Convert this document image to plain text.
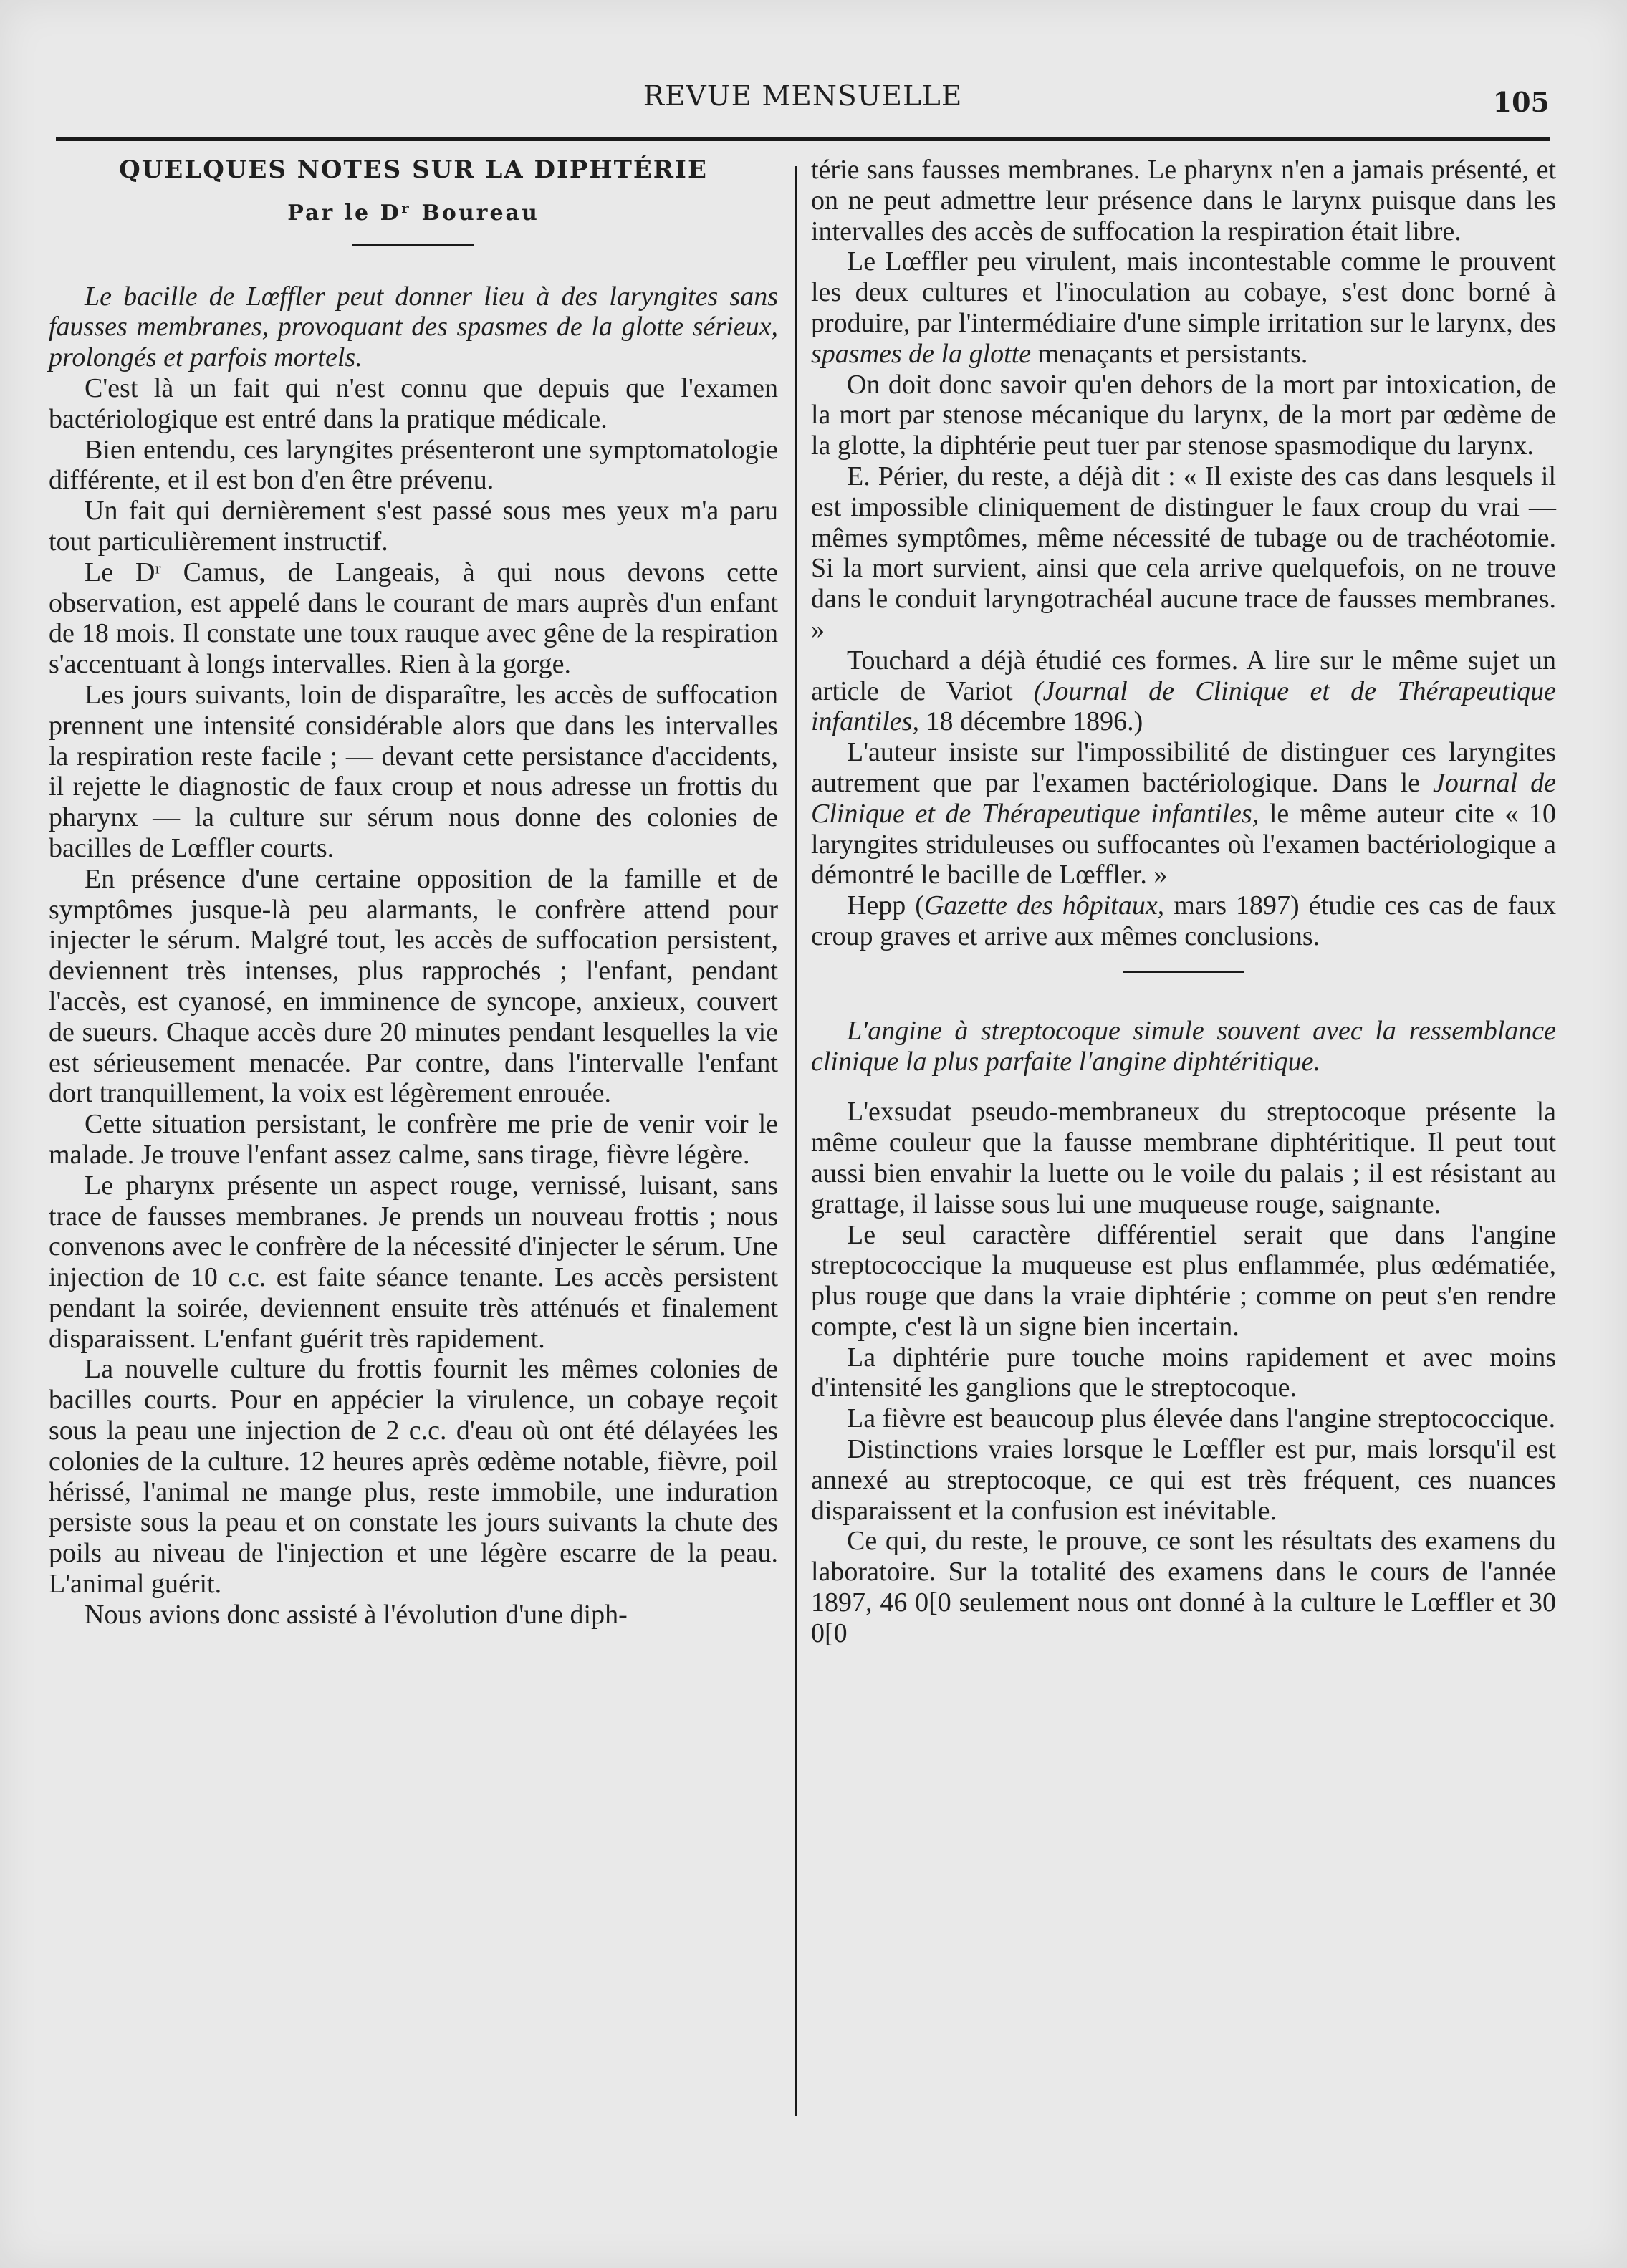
REVUE MENSUELLE	105
QUELQUES NOTES SUR LA DIPHTÉRIE
Par le Dʳ Boureau

Le bacille de Lœffler peut donner lieu à des laryngites sans fausses membranes, provoquant des spasmes de la glotte sérieux, prolongés et parfois mortels.

C'est là un fait qui n'est connu que depuis que l'examen bactériologique est entré dans la pratique médicale.

Bien entendu, ces laryngites présenteront une symptomatologie différente, et il est bon d'en être prévenu.

Un fait qui dernièrement s'est passé sous mes yeux m'a paru tout particulièrement instructif.

Le Dʳ Camus, de Langeais, à qui nous devons cette observation, est appelé dans le courant de mars auprès d'un enfant de 18 mois. Il constate une toux rauque avec gêne de la respiration s'accentuant à longs intervalles. Rien à la gorge.

Les jours suivants, loin de disparaître, les accès de suffocation prennent une intensité considérable alors que dans les intervalles la respiration reste facile ; — devant cette persistance d'accidents, il rejette le diagnostic de faux croup et nous adresse un frottis du pharynx — la culture sur sérum nous donne des colonies de bacilles de Lœffler courts.

En présence d'une certaine opposition de la famille et de symptômes jusque-là peu alarmants, le confrère attend pour injecter le sérum. Malgré tout, les accès de suffocation persistent, deviennent très intenses, plus rapprochés ; l'enfant, pendant l'accès, est cyanosé, en imminence de syncope, anxieux, couvert de sueurs. Chaque accès dure 20 minutes pendant lesquelles la vie est sérieusement menacée. Par contre, dans l'intervalle l'enfant dort tranquillement, la voix est légèrement enrouée.

Cette situation persistant, le confrère me prie de venir voir le malade. Je trouve l'enfant assez calme, sans tirage, fièvre légère.

Le pharynx présente un aspect rouge, vernissé, luisant, sans trace de fausses membranes. Je prends un nouveau frottis ; nous convenons avec le confrère de la nécessité d'injecter le sérum. Une injection de 10 c.c. est faite séance tenante. Les accès persistent pendant la soirée, deviennent ensuite très atténués et finalement disparaissent. L'enfant guérit très rapidement.

La nouvelle culture du frottis fournit les mêmes colonies de bacilles courts. Pour en appécier la virulence, un cobaye reçoit sous la peau une injection de 2 c.c. d'eau où ont été délayées les colonies de la culture. 12 heures après œdème notable, fièvre, poil hérissé, l'animal ne mange plus, reste immobile, une induration persiste sous la peau et on constate les jours suivants la chute des poils au niveau de l'injection et une légère escarre de la peau. L'animal guérit.

Nous avions donc assisté à l'évolution d'une diph-

térie sans fausses membranes. Le pharynx n'en a jamais présenté, et on ne peut admettre leur présence dans le larynx puisque dans les intervalles des accès de suffocation la respiration était libre.

Le Lœffler peu virulent, mais incontestable comme le prouvent les deux cultures et l'inoculation au cobaye, s'est donc borné à produire, par l'intermédiaire d'une simple irritation sur le larynx, des spasmes de la glotte menaçants et persistants.

On doit donc savoir qu'en dehors de la mort par intoxication, de la mort par stenose mécanique du larynx, de la mort par œdème de la glotte, la diphtérie peut tuer par stenose spasmodique du larynx.

E. Périer, du reste, a déjà dit : « Il existe des cas dans lesquels il est impossible cliniquement de distinguer le faux croup du vrai — mêmes symptômes, même nécessité de tubage ou de trachéotomie. Si la mort survient, ainsi que cela arrive quelquefois, on ne trouve dans le conduit laryngotrachéal aucune trace de fausses membranes. »

Touchard a déjà étudié ces formes. A lire sur le même sujet un article de Variot (Journal de Clinique et de Thérapeutique infantiles, 18 décembre 1896.)

L'auteur insiste sur l'impossibilité de distinguer ces laryngites autrement que par l'examen bactériologique. Dans le Journal de Clinique et de Thérapeutique infantiles, le même auteur cite « 10 laryngites striduleuses ou suffocantes où l'examen bactériologique a démontré le bacille de Lœffler. »

Hepp (Gazette des hôpitaux, mars 1897) étudie ces cas de faux croup graves et arrive aux mêmes conclusions.

L'angine à streptocoque simule souvent avec la ressemblance clinique la plus parfaite l'angine diphtéritique.

L'exsudat pseudo-membraneux du streptocoque présente la même couleur que la fausse membrane diphtéritique. Il peut tout aussi bien envahir la luette ou le voile du palais ; il est résistant au grattage, il laisse sous lui une muqueuse rouge, saignante.

Le seul caractère différentiel serait que dans l'angine streptococcique la muqueuse est plus enflammée, plus œdématiée, plus rouge que dans la vraie diphtérie ; comme on peut s'en rendre compte, c'est là un signe bien incertain.

La diphtérie pure touche moins rapidement et avec moins d'intensité les ganglions que le streptocoque.

La fièvre est beaucoup plus élevée dans l'angine streptococcique.

Distinctions vraies lorsque le Lœffler est pur, mais lorsqu'il est annexé au streptocoque, ce qui est très fréquent, ces nuances disparaissent et la confusion est inévitable.

Ce qui, du reste, le prouve, ce sont les résultats des examens du laboratoire. Sur la totalité des examens dans le cours de l'année 1897, 46 0[0 seulement nous ont donné à la culture le Lœffler et 30 0[0
